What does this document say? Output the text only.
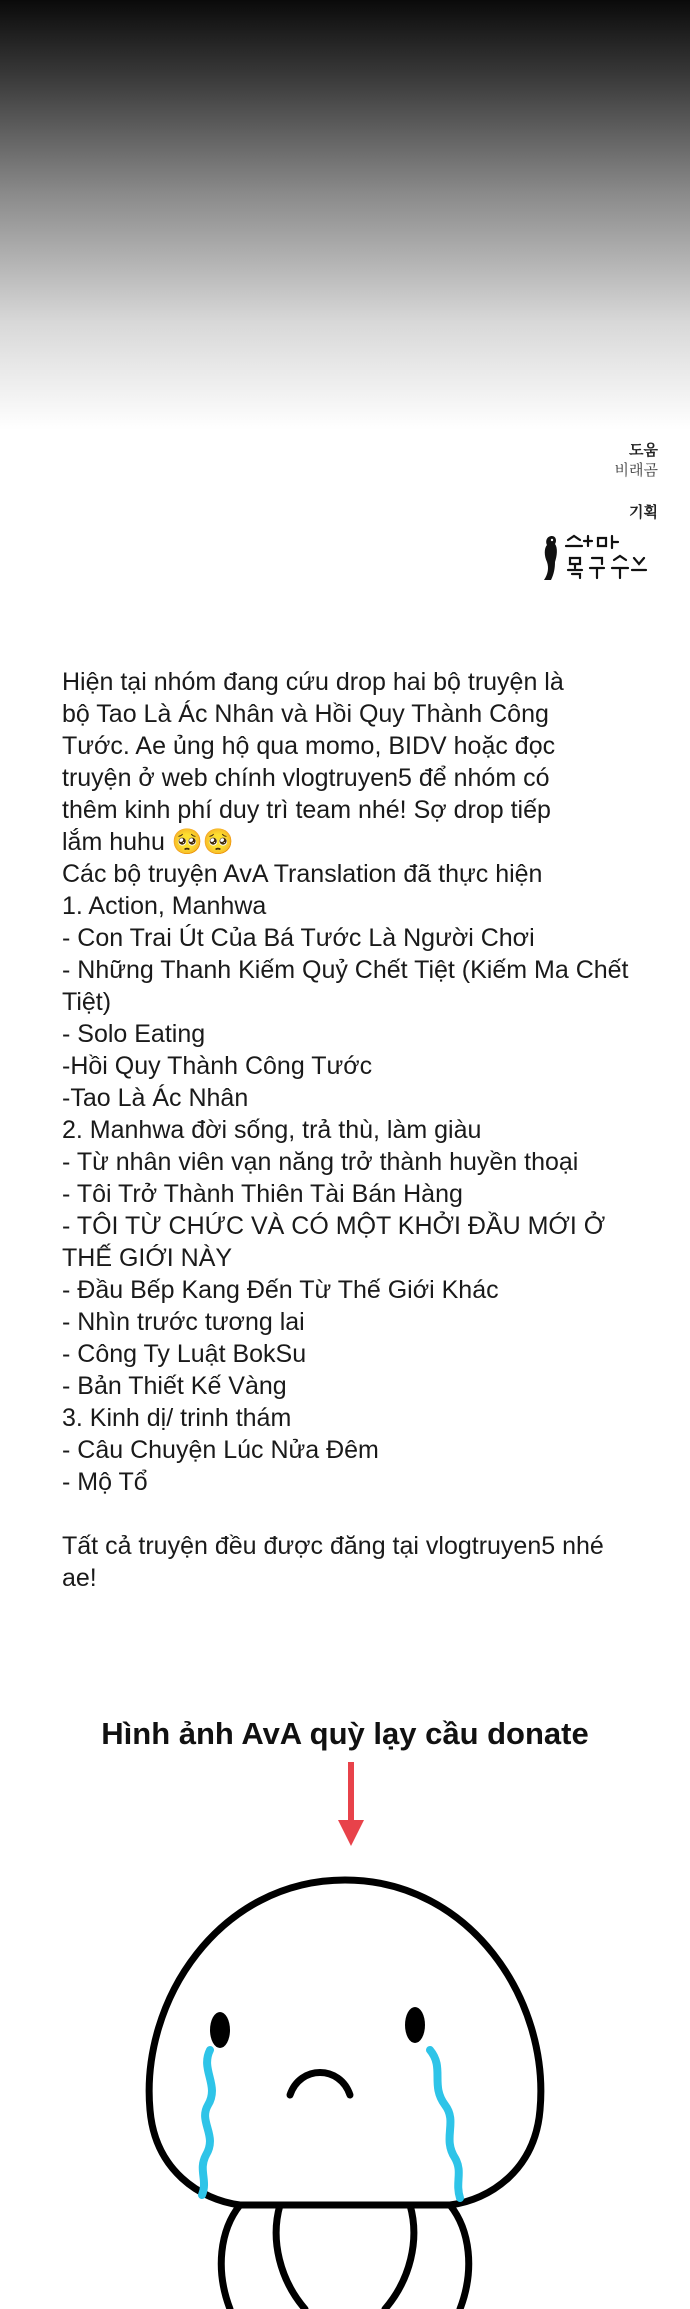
도움
비래곰
기획
Hiện tại nhóm đang cứu drop hai bộ truyện là
bộ Tao Là Ác Nhân và Hồi Quy Thành Công
Tước. Ae ủng hộ qua momo, BIDV hoặc đọc
truyện ở web chính vlogtruyen5 để nhóm có
thêm kinh phí duy trì team nhé! Sợ drop tiếp
lắm huhu 🥺🥺
Các bộ truyện AvA Translation đã thực hiện
1. Action, Manhwa
- Con Trai Út Của Bá Tước Là Người Chơi
- Những Thanh Kiếm Quỷ Chết Tiệt (Kiếm Ma Chết Tiệt)
- Solo Eating
-Hồi Quy Thành Công Tước
-Tao Là Ác Nhân
2. Manhwa đời sống, trả thù, làm giàu
- Từ nhân viên vạn năng trở thành huyền thoại
- Tôi Trở Thành Thiên Tài Bán Hàng
- TÔI TỪ CHỨC VÀ CÓ MỘT KHỞI ĐẦU MỚI Ở THẾ GIỚI NÀY
- Đầu Bếp Kang Đến Từ Thế Giới Khác
- Nhìn trước tương lai
- Công Ty Luật BokSu
- Bản Thiết Kế Vàng
3. Kinh dị/ trinh thám
- Câu Chuyện Lúc Nửa Đêm
- Mộ Tổ
Tất cả truyện đều được đăng tại vlogtruyen5 nhé ae!
Hình ảnh AvA quỳ lạy cầu donate
